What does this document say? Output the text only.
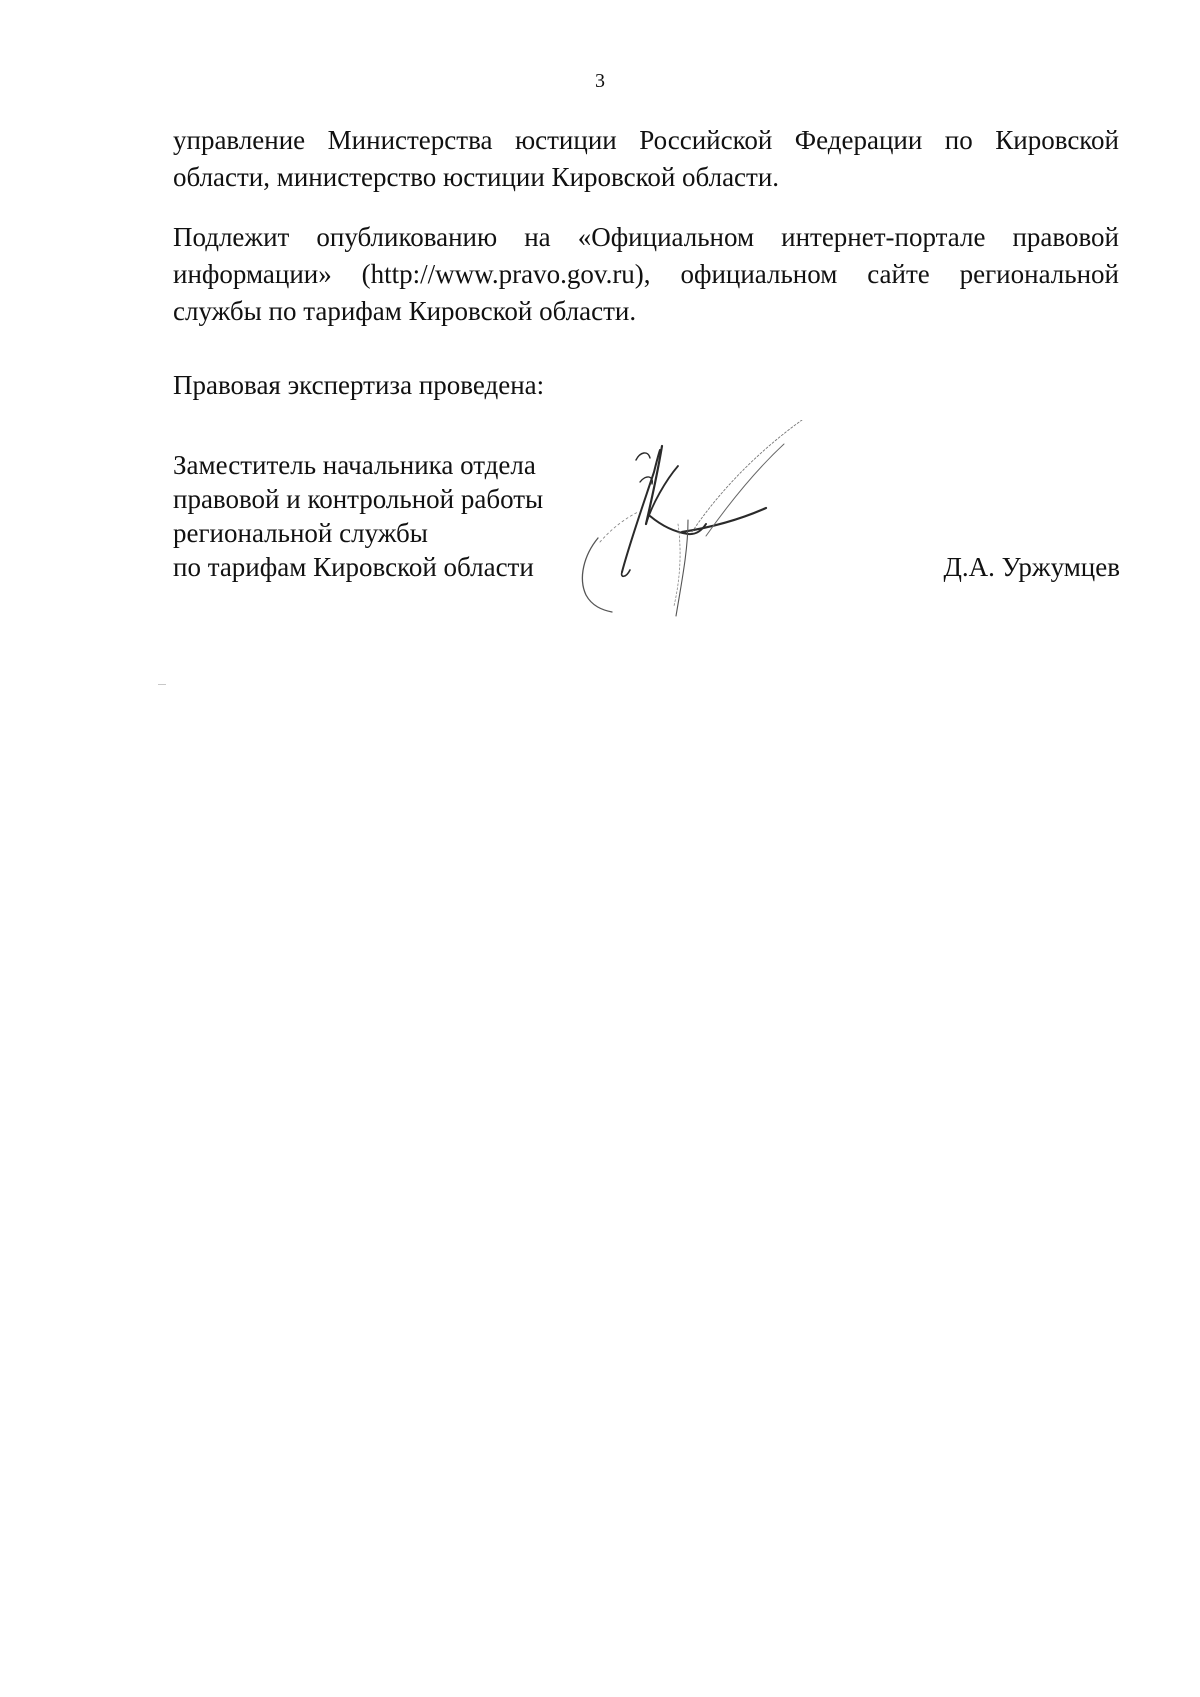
3

управление Министерства юстиции Российской Федерации по Кировской
области, министерство юстиции Кировской области.

Подлежит опубликованию на «Официальном интернет-портале правовой
информации» (http://www.pravo.gov.ru), официальном сайте региональной
службы по тарифам Кировской области.

Правовая экспертиза проведена:

Заместитель начальника отдела
правовой и контрольной работы
региональной службы
по тарифам Кировской области	Д.А. Уржумцев
